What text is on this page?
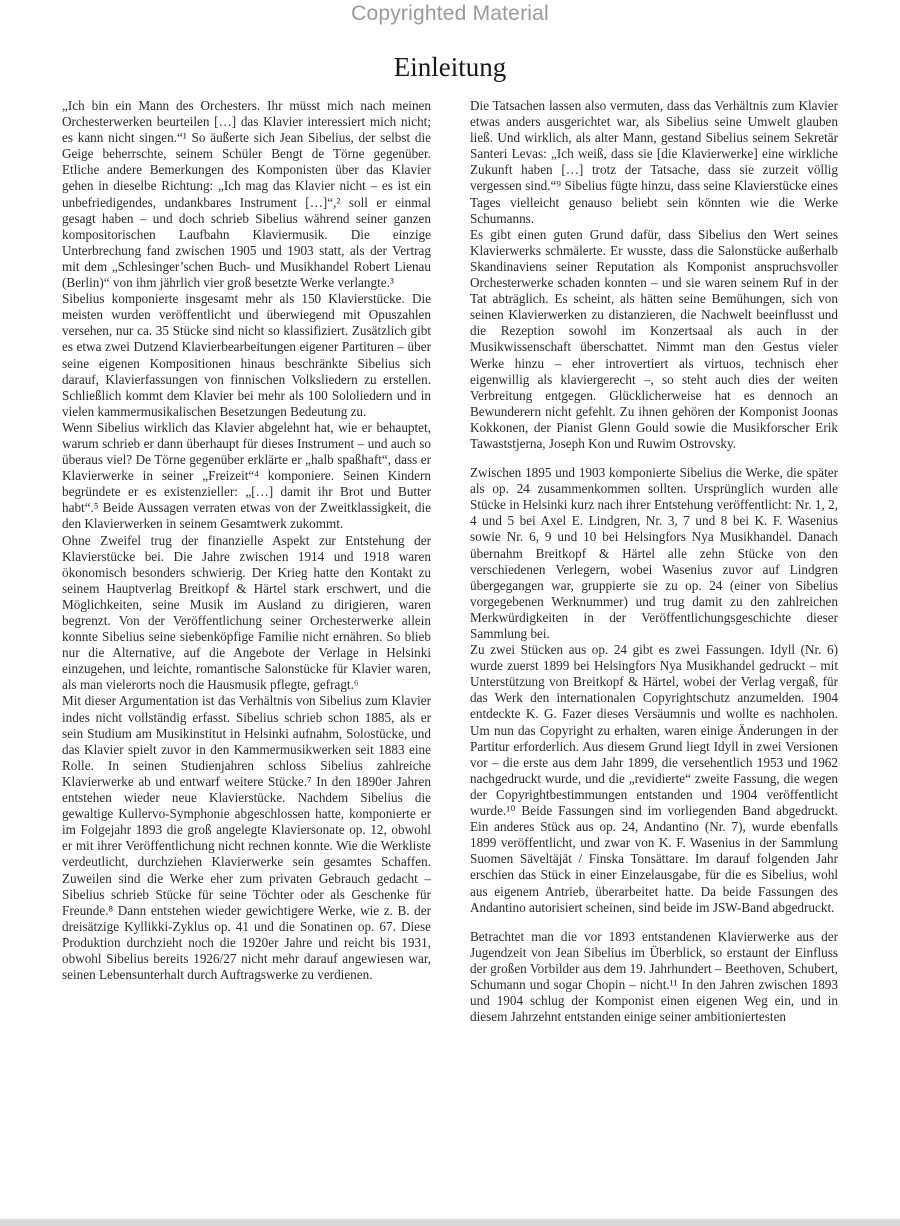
Copyrighted Material
Einleitung

„Ich bin ein Mann des Orchesters. Ihr müsst mich nach meinen Orchesterwerken beurteilen […] das Klavier interessiert mich nicht; es kann nicht singen.“¹ So äußerte sich Jean Sibelius, der selbst die Geige beherrschte, seinem Schüler Bengt de Törne gegenüber. Etliche andere Bemerkungen des Komponisten über das Klavier gehen in dieselbe Richtung: „Ich mag das Klavier nicht – es ist ein unbefriedigendes, undankbares Instrument […]“,² soll er einmal gesagt haben – und doch schrieb Sibelius während seiner ganzen kompositorischen Laufbahn Klaviermusik. Die einzige Unterbrechung fand zwischen 1905 und 1903 statt, als der Vertrag mit dem „Schlesinger’schen Buch- und Musikhandel Robert Lienau (Berlin)“ von ihm jährlich vier groß besetzte Werke verlangte.³

Sibelius komponierte insgesamt mehr als 150 Klavierstücke. Die meisten wurden veröffentlicht und überwiegend mit Opuszahlen versehen, nur ca. 35 Stücke sind nicht so klassifiziert. Zusätzlich gibt es etwa zwei Dutzend Klavierbearbeitungen eigener Partituren – über seine eigenen Kompositionen hinaus beschränkte Sibelius sich darauf, Klavierfassungen von finnischen Volksliedern zu erstellen. Schließlich kommt dem Klavier bei mehr als 100 Sololiedern und in vielen kammermusikalischen Besetzungen Bedeutung zu.

Wenn Sibelius wirklich das Klavier abgelehnt hat, wie er behauptet, warum schrieb er dann überhaupt für dieses Instrument – und auch so überaus viel? De Törne gegenüber erklärte er „halb spaßhaft“, dass er Klavierwerke in seiner „Freizeit“⁴ komponiere. Seinen Kindern begründete er es existenzieller: „[…] damit ihr Brot und Butter habt“.⁵ Beide Aussagen verraten etwas von der Zweitklassigkeit, die den Klavierwerken in seinem Gesamtwerk zukommt.

Ohne Zweifel trug der finanzielle Aspekt zur Entstehung der Klavierstücke bei. Die Jahre zwischen 1914 und 1918 waren ökonomisch besonders schwierig. Der Krieg hatte den Kontakt zu seinem Hauptverlag Breitkopf & Härtel stark erschwert, und die Möglichkeiten, seine Musik im Ausland zu dirigieren, waren begrenzt. Von der Veröffentlichung seiner Orchesterwerke allein konnte Sibelius seine siebenköpfige Familie nicht ernähren. So blieb nur die Alternative, auf die Angebote der Verlage in Helsinki einzugehen, und leichte, romantische Salonstücke für Klavier waren, als man vielerorts noch die Hausmusik pflegte, gefragt.⁶

Mit dieser Argumentation ist das Verhältnis von Sibelius zum Klavier indes nicht vollständig erfasst. Sibelius schrieb schon 1885, als er sein Studium am Musikinstitut in Helsinki aufnahm, Solostücke, und das Klavier spielt zuvor in den Kammermusikwerken seit 1883 eine Rolle. In seinen Studienjahren schloss Sibelius zahlreiche Klavierwerke ab und entwarf weitere Stücke.⁷ In den 1890er Jahren entstehen wieder neue Klavierstücke. Nachdem Sibelius die gewaltige Kullervo-Symphonie abgeschlossen hatte, komponierte er im Folgejahr 1893 die groß angelegte Klaviersonate op. 12, obwohl er mit ihrer Veröffentlichung nicht rechnen konnte. Wie die Werkliste verdeutlicht, durchziehen Klavierwerke sein gesamtes Schaffen. Zuweilen sind die Werke eher zum privaten Gebrauch gedacht – Sibelius schrieb Stücke für seine Töchter oder als Geschenke für Freunde.⁸ Dann entstehen wieder gewichtigere Werke, wie z. B. der dreisätzige Kyllikki-Zyklus op. 41 und die Sonatinen op. 67. Diese Produktion durchzieht noch die 1920er Jahre und reicht bis 1931, obwohl Sibelius bereits 1926/27 nicht mehr darauf angewiesen war, seinen Lebensunterhalt durch Auftragswerke zu verdienen.

Die Tatsachen lassen also vermuten, dass das Verhältnis zum Klavier etwas anders ausgerichtet war, als Sibelius seine Umwelt glauben ließ. Und wirklich, als alter Mann, gestand Sibelius seinem Sekretär Santeri Levas: „Ich weiß, dass sie [die Klavierwerke] eine wirkliche Zukunft haben […] trotz der Tatsache, dass sie zurzeit völlig vergessen sind.“⁹ Sibelius fügte hinzu, dass seine Klavierstücke eines Tages vielleicht genauso beliebt sein könnten wie die Werke Schumanns.

Es gibt einen guten Grund dafür, dass Sibelius den Wert seines Klavierwerks schmälerte. Er wusste, dass die Salonstücke außerhalb Skandinaviens seiner Reputation als Komponist anspruchsvoller Orchesterwerke schaden konnten – und sie waren seinem Ruf in der Tat abträglich. Es scheint, als hätten seine Bemühungen, sich von seinen Klavierwerken zu distanzieren, die Nachwelt beeinflusst und die Rezeption sowohl im Konzertsaal als auch in der Musikwissenschaft überschattet. Nimmt man den Gestus vieler Werke hinzu – eher introvertiert als virtuos, technisch eher eigenwillig als klaviergerecht –, so steht auch dies der weiten Verbreitung entgegen. Glücklicherweise hat es dennoch an Bewunderern nicht gefehlt. Zu ihnen gehören der Komponist Joonas Kokkonen, der Pianist Glenn Gould sowie die Musikforscher Erik Tawaststjerna, Joseph Kon und Ruwim Ostrovsky.

Zwischen 1895 und 1903 komponierte Sibelius die Werke, die später als op. 24 zusammenkommen sollten. Ursprünglich wurden alle Stücke in Helsinki kurz nach ihrer Entstehung veröffentlicht: Nr. 1, 2, 4 und 5 bei Axel E. Lindgren, Nr. 3, 7 und 8 bei K. F. Wasenius sowie Nr. 6, 9 und 10 bei Helsingfors Nya Musikhandel. Danach übernahm Breitkopf & Härtel alle zehn Stücke von den verschiedenen Verlegern, wobei Wasenius zuvor auf Lindgren übergegangen war, gruppierte sie zu op. 24 (einer von Sibelius vorgegebenen Werknummer) und trug damit zu den zahlreichen Merkwürdigkeiten in der Veröffentlichungsgeschichte dieser Sammlung bei.

Zu zwei Stücken aus op. 24 gibt es zwei Fassungen. Idyll (Nr. 6) wurde zuerst 1899 bei Helsingfors Nya Musikhandel gedruckt – mit Unterstützung von Breitkopf & Härtel, wobei der Verlag vergaß, für das Werk den internationalen Copyrightschutz anzumelden. 1904 entdeckte K. G. Fazer dieses Versäumnis und wollte es nachholen. Um nun das Copyright zu erhalten, waren einige Änderungen in der Partitur erforderlich. Aus diesem Grund liegt Idyll in zwei Versionen vor – die erste aus dem Jahr 1899, die versehentlich 1953 und 1962 nachgedruckt wurde, und die „revidierte“ zweite Fassung, die wegen der Copyrightbestimmungen entstanden und 1904 veröffentlicht wurde.¹⁰ Beide Fassungen sind im vorliegenden Band abgedruckt. Ein anderes Stück aus op. 24, Andantino (Nr. 7), wurde ebenfalls 1899 veröffentlicht, und zwar von K. F. Wasenius in der Sammlung Suomen Säveltäjät / Finska Tonsättare. Im darauf folgenden Jahr erschien das Stück in einer Einzelausgabe, für die es Sibelius, wohl aus eigenem Antrieb, überarbeitet hatte. Da beide Fassungen des Andantino autorisiert scheinen, sind beide im JSW-Band abgedruckt.

Betrachtet man die vor 1893 entstandenen Klavierwerke aus der Jugendzeit von Jean Sibelius im Überblick, so erstaunt der Einfluss der großen Vorbilder aus dem 19. Jahrhundert – Beethoven, Schubert, Schumann und sogar Chopin – nicht.¹¹ In den Jahren zwischen 1893 und 1904 schlug der Komponist einen eigenen Weg ein, und in diesem Jahrzehnt entstanden einige seiner ambitioniertesten
